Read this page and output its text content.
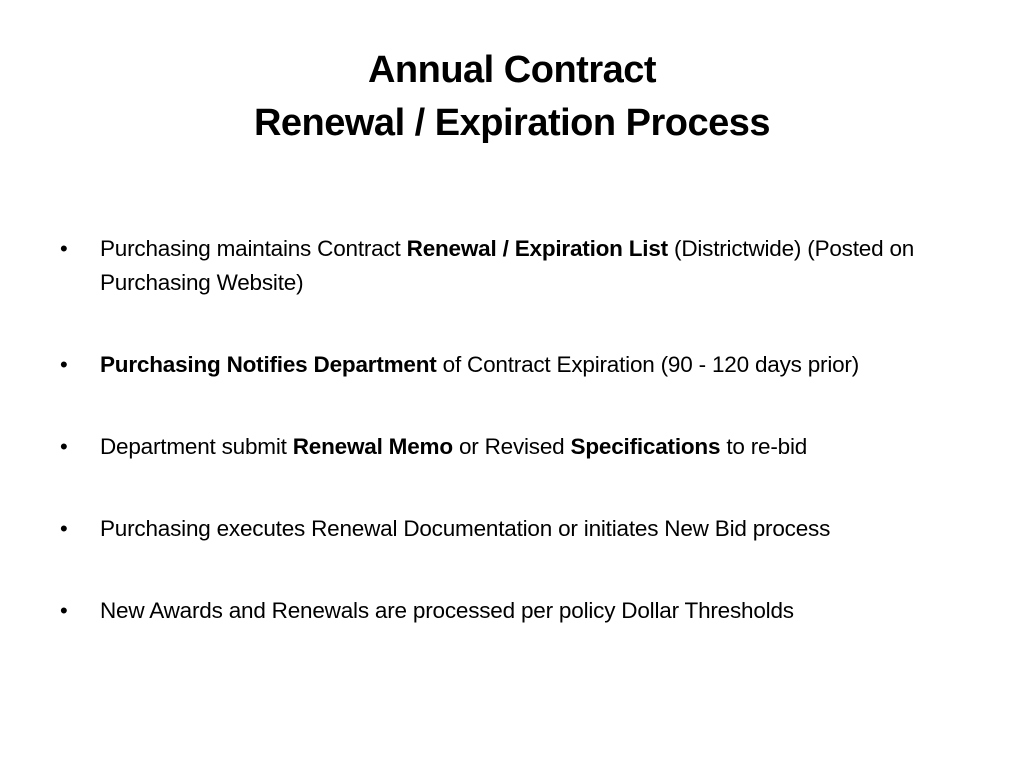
Annual Contract
Renewal / Expiration Process
• Purchasing maintains Contract Renewal / Expiration List (Districtwide) (Posted on Purchasing Website)
• Purchasing Notifies Department of Contract Expiration (90 - 120 days prior)
• Department submit Renewal Memo or Revised Specifications to re-bid
• Purchasing executes Renewal Documentation or initiates New Bid process
• New Awards and Renewals are processed per policy Dollar Thresholds
